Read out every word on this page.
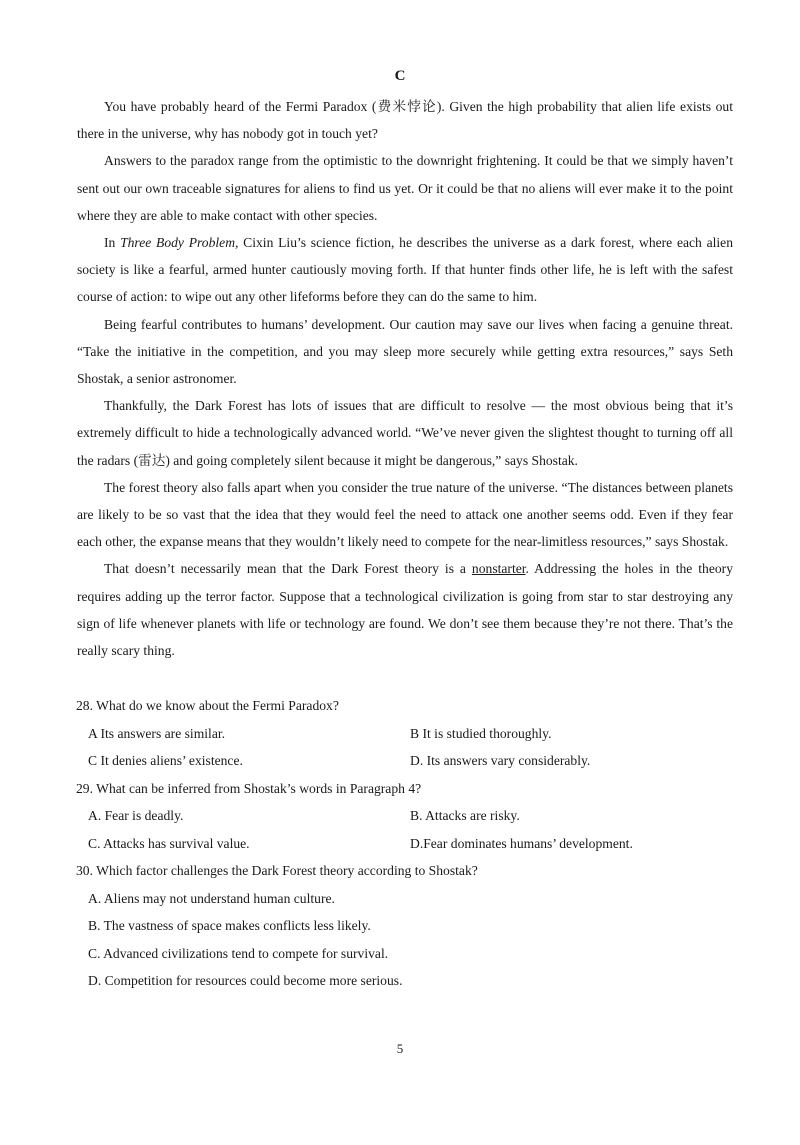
C

You have probably heard of the Fermi Paradox (费米悖论). Given the high probability that alien life exists out there in the universe, why has nobody got in touch yet?

Answers to the paradox range from the optimistic to the downright frightening. It could be that we simply haven’t sent out our own traceable signatures for aliens to find us yet. Or it could be that no aliens will ever make it to the point where they are able to make contact with other species.

In Three Body Problem, Cixin Liu’s science fiction, he describes the universe as a dark forest, where each alien society is like a fearful, armed hunter cautiously moving forth. If that hunter finds other life, he is left with the safest course of action: to wipe out any other lifeforms before they can do the same to him.

Being fearful contributes to humans’ development. Our caution may save our lives when facing a genuine threat. “Take the initiative in the competition, and you may sleep more securely while getting extra resources,” says Seth Shostak, a senior astronomer.

Thankfully, the Dark Forest has lots of issues that are difficult to resolve — the most obvious being that it’s extremely difficult to hide a technologically advanced world. “We’ve never given the slightest thought to turning off all the radars (雷达) and going completely silent because it might be dangerous,” says Shostak.

The forest theory also falls apart when you consider the true nature of the universe. “The distances between planets are likely to be so vast that the idea that they would feel the need to attack one another seems odd. Even if they fear each other, the expanse means that they wouldn’t likely need to compete for the near-limitless resources,” says Shostak.

That doesn’t necessarily mean that the Dark Forest theory is a nonstarter. Addressing the holes in the theory requires adding up the terror factor. Suppose that a technological civilization is going from star to star destroying any sign of life whenever planets with life or technology are found. We don’t see them because they’re not there. That’s the really scary thing.

28. What do we know about the Fermi Paradox?

A Its answers are similar.	B It is studied thoroughly.
C It denies aliens’ existence.	D. Its answers vary considerably.

29. What can be inferred from Shostak’s words in Paragraph 4?

A. Fear is deadly.	B. Attacks are risky.
C. Attacks has survival value.	D.Fear dominates humans’ development.

30. Which factor challenges the Dark Forest theory according to Shostak?

A. Aliens may not understand human culture.

B. The vastness of space makes conflicts less likely.

C. Advanced civilizations tend to compete for survival.

D. Competition for resources could become more serious.

5
